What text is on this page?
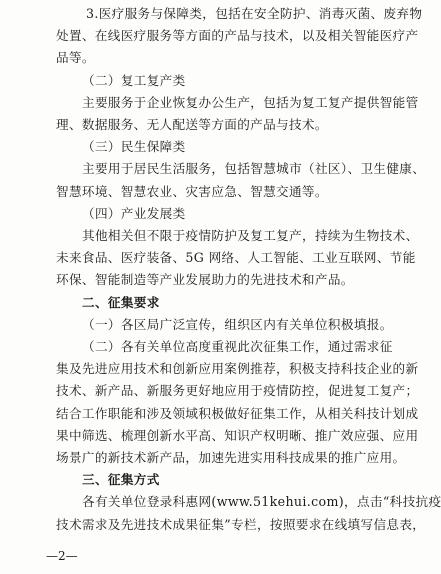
3.医疗服务与保障类，包括在安全防护、消毒灭菌、废弃物
处置、在线医疗服务等方面的产品与技术，以及相关智能医疗产
品等。
（二）复工复产类
主要服务于企业恢复办公生产，包括为复工复产提供智能管
理、数据服务、无人配送等方面的产品与技术。
（三）民生保障类
主要用于居民生活服务，包括智慧城市（社区）、卫生健康、
智慧环境、智慧农业、灾害应急、智慧交通等。
（四）产业发展类
其他相关但不限于疫情防护及复工复产，持续为生物技术、
未来食品、医疗装备、5G 网络、人工智能、工业互联网、节能
环保、智能制造等产业发展助力的先进技术和产品。
二、征集要求
（一）各区局广泛宣传，组织区内有关单位积极填报。
（二）各有关单位高度重视此次征集工作，通过需求征
集及先进应用技术和创新应用案例推荐，积极支持科技企业的新
技术、新产品、新服务更好地应用于疫情防控，促进复工复产；
结合工作职能和涉及领域积极做好征集工作，从相关科技计划成
果中筛选、梳理创新水平高、知识产权明晰、推广效应强、应用
场景广的新技术新产品，加速先进实用科技成果的推广应用。
三、征集方式
各有关单位登录科惠网(www.51kehui.com)，点击“科技抗疫
技术需求及先进技术成果征集”专栏，按照要求在线填写信息表，
—2—
